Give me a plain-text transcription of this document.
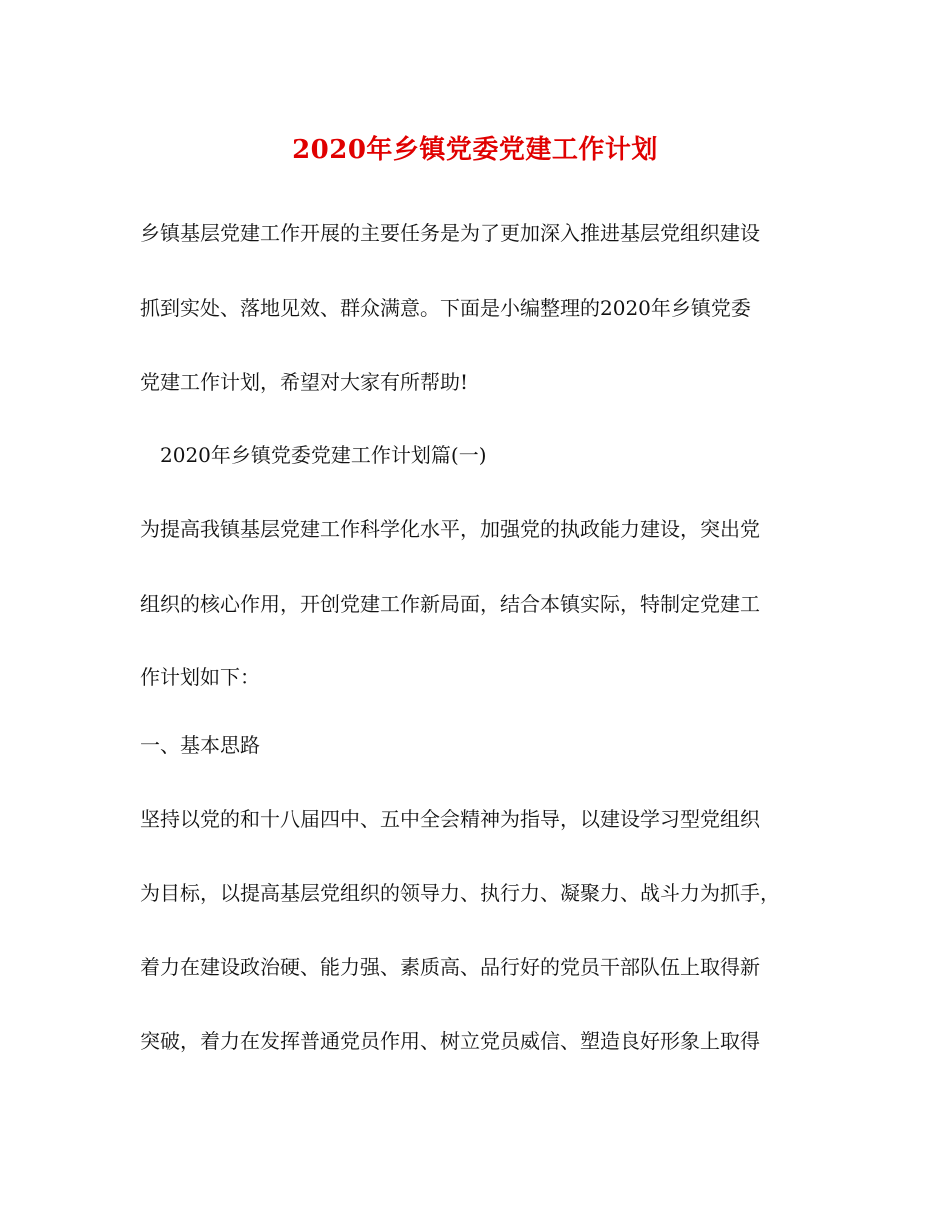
2020年乡镇党委党建工作计划

乡镇基层党建工作开展的主要任务是为了更加深入推进基层党组织建设

抓到实处、落地见效、群众满意。下面是小编整理的2020年乡镇党委

党建工作计划，希望对大家有所帮助!

2020年乡镇党委党建工作计划篇(一)

为提高我镇基层党建工作科学化水平，加强党的执政能力建设，突出党

组织的核心作用，开创党建工作新局面，结合本镇实际，特制定党建工

作计划如下：

一、基本思路

坚持以党的和十八届四中、五中全会精神为指导，以建设学习型党组织

为目标，以提高基层党组织的领导力、执行力、凝聚力、战斗力为抓手，

着力在建设政治硬、能力强、素质高、品行好的党员干部队伍上取得新

突破，着力在发挥普通党员作用、树立党员威信、塑造良好形象上取得
